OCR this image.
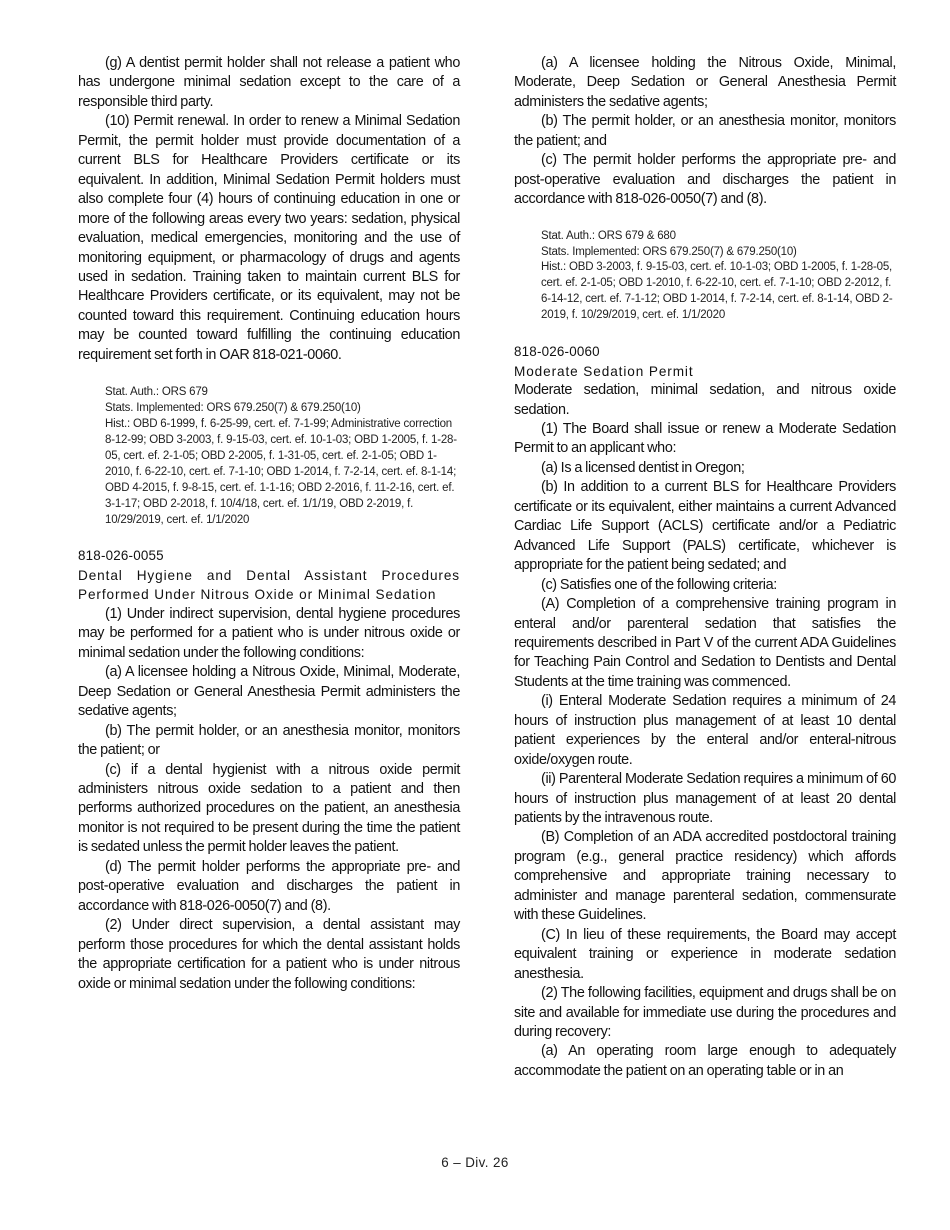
(g) A dentist permit holder shall not release a patient who has undergone minimal sedation except to the care of a responsible third party.

(10) Permit renewal. In order to renew a Minimal Sedation Permit, the permit holder must provide documentation of a current BLS for Healthcare Providers certificate or its equivalent. In addition, Minimal Sedation Permit holders must also complete four (4) hours of continuing education in one or more of the following areas every two years: sedation, physical evaluation, medical emergencies, monitoring and the use of monitoring equipment, or pharmacology of drugs and agents used in sedation. Training taken to maintain current BLS for Healthcare Providers certificate, or its equivalent, may not be counted toward this requirement. Continuing education hours may be counted toward fulfilling the continuing education requirement set forth in OAR 818-021-0060.

Stat. Auth.: ORS 679
Stats. Implemented: ORS 679.250(7) & 679.250(10)
Hist.: OBD 6-1999, f. 6-25-99, cert. ef. 7-1-99; Administrative correction 8-12-99; OBD 3-2003, f. 9-15-03, cert. ef. 10-1-03; OBD 1-2005, f. 1-28-05, cert. ef. 2-1-05; OBD 2-2005, f. 1-31-05, cert. ef. 2-1-05; OBD 1-2010, f. 6-22-10, cert. ef. 7-1-10; OBD 1-2014, f. 7-2-14, cert. ef. 8-1-14; OBD 4-2015, f. 9-8-15, cert. ef. 1-1-16; OBD 2-2016, f. 11-2-16, cert. ef. 3-1-17; OBD 2-2018, f. 10/4/18, cert. ef. 1/1/19, OBD 2-2019, f. 10/29/2019, cert. ef. 1/1/2020
818-026-0055
Dental Hygiene and Dental Assistant Procedures Performed Under Nitrous Oxide or Minimal Sedation

(1) Under indirect supervision, dental hygiene procedures may be performed for a patient who is under nitrous oxide or minimal sedation under the following conditions:

(a) A licensee holding a Nitrous Oxide, Minimal, Moderate, Deep Sedation or General Anesthesia Permit administers the sedative agents;

(b) The permit holder, or an anesthesia monitor, monitors the patient; or

(c) if a dental hygienist with a nitrous oxide permit administers nitrous oxide sedation to a patient and then performs authorized procedures on the patient, an anesthesia monitor is not required to be present during the time the patient is sedated unless the permit holder leaves the patient.

(d) The permit holder performs the appropriate pre- and post-operative evaluation and discharges the patient in accordance with 818-026-0050(7) and (8).

(2) Under direct supervision, a dental assistant may perform those procedures for which the dental assistant holds the appropriate certification for a patient who is under nitrous oxide or minimal sedation under the following conditions:

(a) A licensee holding the Nitrous Oxide, Minimal, Moderate, Deep Sedation or General Anesthesia Permit administers the sedative agents;

(b) The permit holder, or an anesthesia monitor, monitors the patient; and

(c) The permit holder performs the appropriate pre- and post-operative evaluation and discharges the patient in accordance with 818-026-0050(7) and (8).

Stat. Auth.: ORS 679 & 680
Stats. Implemented: ORS 679.250(7) & 679.250(10)
Hist.: OBD 3-2003, f. 9-15-03, cert. ef. 10-1-03; OBD 1-2005, f. 1-28-05, cert. ef. 2-1-05; OBD 1-2010, f. 6-22-10, cert. ef. 7-1-10; OBD 2-2012, f. 6-14-12, cert. ef. 7-1-12; OBD 1-2014, f. 7-2-14, cert. ef. 8-1-14, OBD 2-2019, f. 10/29/2019, cert. ef. 1/1/2020
818-026-0060
Moderate Sedation Permit

Moderate sedation, minimal sedation, and nitrous oxide sedation.

(1) The Board shall issue or renew a Moderate Sedation Permit to an applicant who:

(a) Is a licensed dentist in Oregon;

(b) In addition to a current BLS for Healthcare Providers certificate or its equivalent, either maintains a current Advanced Cardiac Life Support (ACLS) certificate and/or a Pediatric Advanced Life Support (PALS) certificate, whichever is appropriate for the patient being sedated; and

(c) Satisfies one of the following criteria:

(A) Completion of a comprehensive training program in enteral and/or parenteral sedation that satisfies the requirements described in Part V of the current ADA Guidelines for Teaching Pain Control and Sedation to Dentists and Dental Students at the time training was commenced.

(i) Enteral Moderate Sedation requires a minimum of 24 hours of instruction plus management of at least 10 dental patient experiences by the enteral and/or enteral-nitrous oxide/oxygen route.

(ii) Parenteral Moderate Sedation requires a minimum of 60 hours of instruction plus management of at least 20 dental patients by the intravenous route.

(B) Completion of an ADA accredited postdoctoral training program (e.g., general practice residency) which affords comprehensive and appropriate training necessary to administer and manage parenteral sedation, commensurate with these Guidelines.

(C) In lieu of these requirements, the Board may accept equivalent training or experience in moderate sedation anesthesia.

(2) The following facilities, equipment and drugs shall be on site and available for immediate use during the procedures and during recovery:

(a) An operating room large enough to adequately accommodate the patient on an operating table or in an

6 – Div. 26
